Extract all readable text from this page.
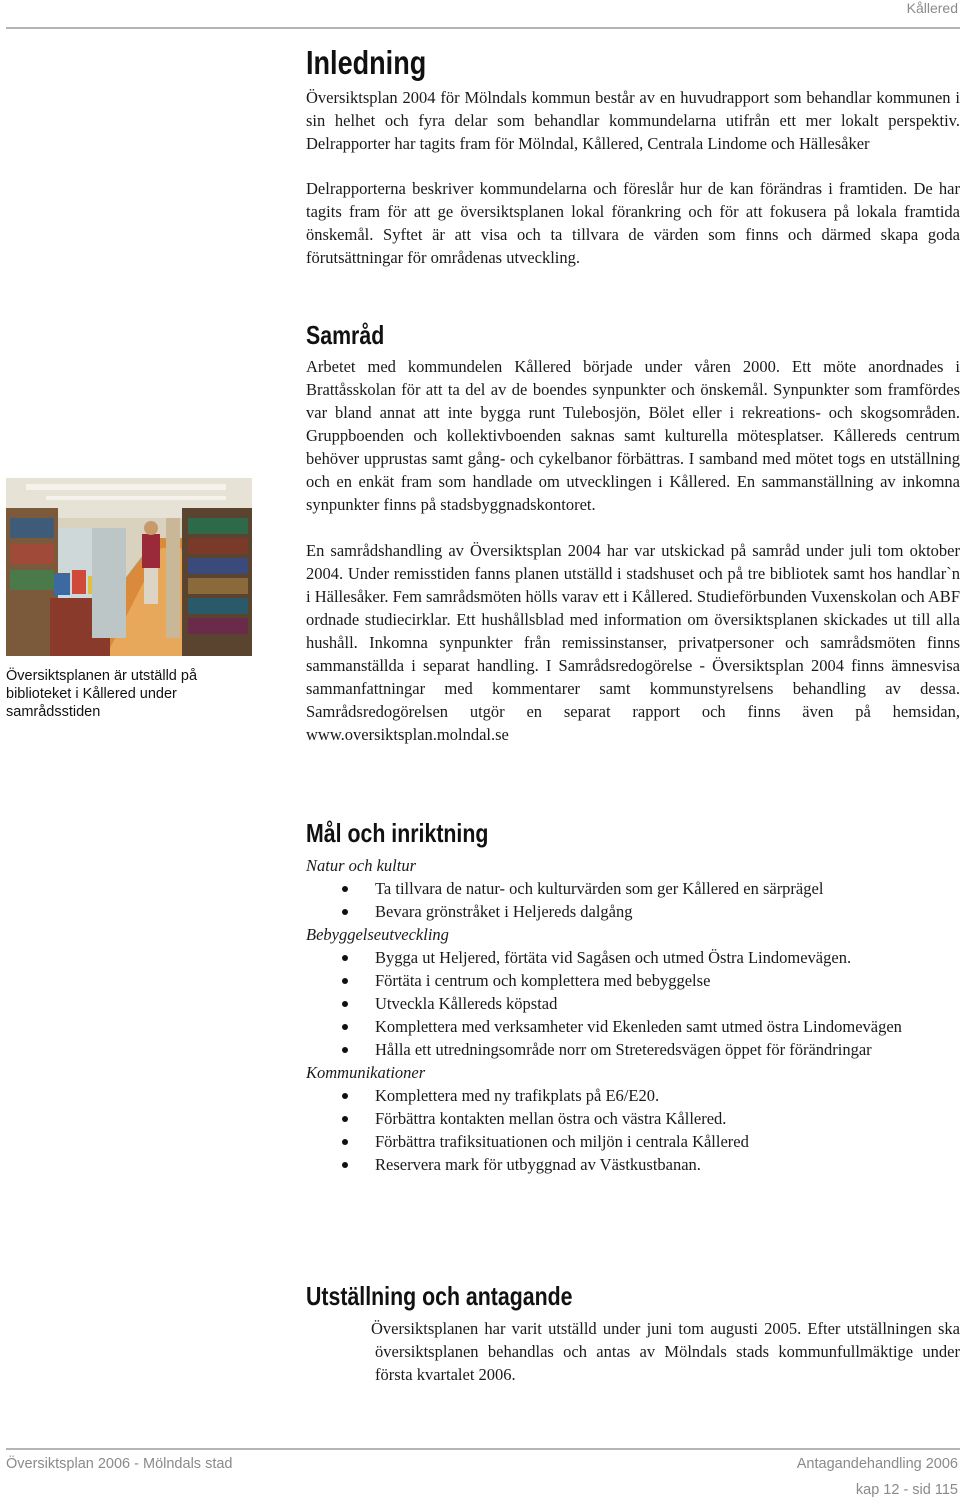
Kållered
Inledning

Översiktsplan 2004 för Mölndals kommun består av en huvudrapport som behandlar kommunen i sin helhet och fyra delar som behandlar kommundelarna utifrån ett mer lokalt perspektiv. Delrapporter har tagits fram för Mölndal, Kållered, Centrala Lindome och Hällesåker

Delrapporterna beskriver kommundelarna och föreslår hur de kan förändras i framtiden. De har tagits fram för att ge översiktsplanen lokal förankring och för att fokusera på lokala framtida önskemål. Syftet är att visa och ta tillvara de värden som finns och därmed skapa goda förutsättningar för områdenas utveckling.

Samråd

Arbetet med kommundelen Kållered började under våren 2000. Ett möte anordnades i Brattåsskolan för att ta del av de boendes synpunkter och önskemål. Synpunkter som framfördes var bland annat att inte bygga runt Tulebosjön, Bölet eller i rekreations- och skogsområden. Gruppboenden och kollektivboenden saknas samt kulturella mötesplatser. Kållereds centrum behöver upprustas samt gång- och cykelbanor förbättras. I samband med mötet togs en utställning och en enkät fram som handlade om utvecklingen i Kållered. En sammanställning av inkomna synpunkter finns på stadsbyggnadskontoret.

En samrådshandling av Översiktsplan 2004 har var utskickad på samråd under juli tom oktober 2004. Under remisstiden fanns planen utställd i stadshuset och på tre bibliotek samt hos handlar`n i Hällesåker. Fem samrådsmöten hölls varav ett i Kållered. Studieförbunden Vuxenskolan och ABF ordnade studiecirklar. Ett hushållsblad med information om översiktsplanen skickades ut till alla hushåll. Inkomna synpunkter från remissinstanser, privatpersoner och samrådsmöten finns sammanställda i separat handling. I Samrådsredogörelse - Översiktsplan 2004 finns ämnesvisa sammanfattningar med kommentarer samt kommunstyrelsens behandling av dessa. Samrådsredogörelsen utgör en separat rapport och finns även på hemsidan, www.oversiktsplan.molndal.se

Översiktsplanen är utställd på biblioteket i Kållered under samrådsstiden
Mål och inriktning
Natur och kultur
Ta tillvara de natur- och kulturvärden som ger Kållered en särprägel
Bevara grönstråket i Heljereds dalgång
Bebyggelseutveckling
Bygga ut Heljered, förtäta vid Sagåsen och utmed Östra Lindomevägen.
Förtäta i centrum och komplettera med bebyggelse
Utveckla Kållereds köpstad
Komplettera med verksamheter vid Ekenleden samt utmed östra Lindomevägen
Hålla ett utredningsområde norr om Streteredsvägen öppet för förändringar
Kommunikationer
Komplettera med ny trafikplats på E6/E20.
Förbättra kontakten mellan östra och västra Kållered.
Förbättra trafiksituationen och miljön i centrala Kållered
Reservera mark för utbyggnad av Västkustbanan.
Utställning och antagande

Översiktsplanen har varit utställd under juni tom augusti 2005. Efter utställningen ska översiktsplanen behandlas och antas av Mölndals stads kommunfullmäktige under första kvartalet 2006.

Översiktsplan 2006 - Mölndals stad	Antagandehandling 2006
kap 12 - sid 115
